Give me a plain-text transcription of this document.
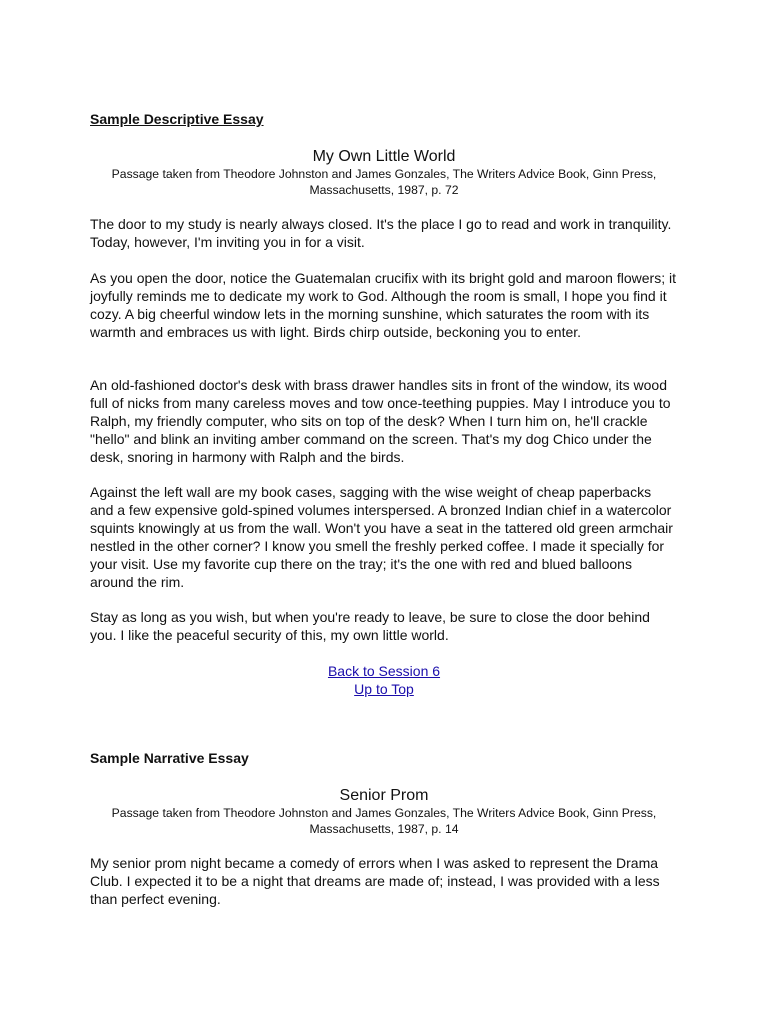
Sample Descriptive Essay
My Own Little World
Passage taken from Theodore Johnston and James Gonzales, The Writers Advice Book, Ginn Press, Massachusetts, 1987, p. 72

The door to my study is nearly always closed. It's the place I go to read and work in tranquility. Today, however, I'm inviting you in for a visit.

As you open the door, notice the Guatemalan crucifix with its bright gold and maroon flowers; it joyfully reminds me to dedicate my work to God. Although the room is small, I hope you find it cozy. A big cheerful window lets in the morning sunshine, which saturates the room with its warmth and embraces us with light. Birds chirp outside, beckoning you to enter.

An old-fashioned doctor's desk with brass drawer handles sits in front of the window, its wood full of nicks from many careless moves and tow once-teething puppies. May I introduce you to Ralph, my friendly computer, who sits on top of the desk? When I turn him on, he'll crackle "hello" and blink an inviting amber command on the screen. That's my dog Chico under the desk, snoring in harmony with Ralph and the birds.

Against the left wall are my book cases, sagging with the wise weight of cheap paperbacks and a few expensive gold-spined volumes interspersed. A bronzed Indian chief in a watercolor squints knowingly at us from the wall. Won't you have a seat in the tattered old green armchair nestled in the other corner? I know you smell the freshly perked coffee. I made it specially for your visit. Use my favorite cup there on the tray; it's the one with red and blued balloons around the rim.

Stay as long as you wish, but when you're ready to leave, be sure to close the door behind you. I like the peaceful security of this, my own little world.

Back to Session 6
Up to Top
Sample Narrative Essay
Senior Prom
Passage taken from Theodore Johnston and James Gonzales, The Writers Advice Book, Ginn Press, Massachusetts, 1987, p. 14

My senior prom night became a comedy of errors when I was asked to represent the Drama Club. I expected it to be a night that dreams are made of; instead, I was provided with a less than perfect evening.
